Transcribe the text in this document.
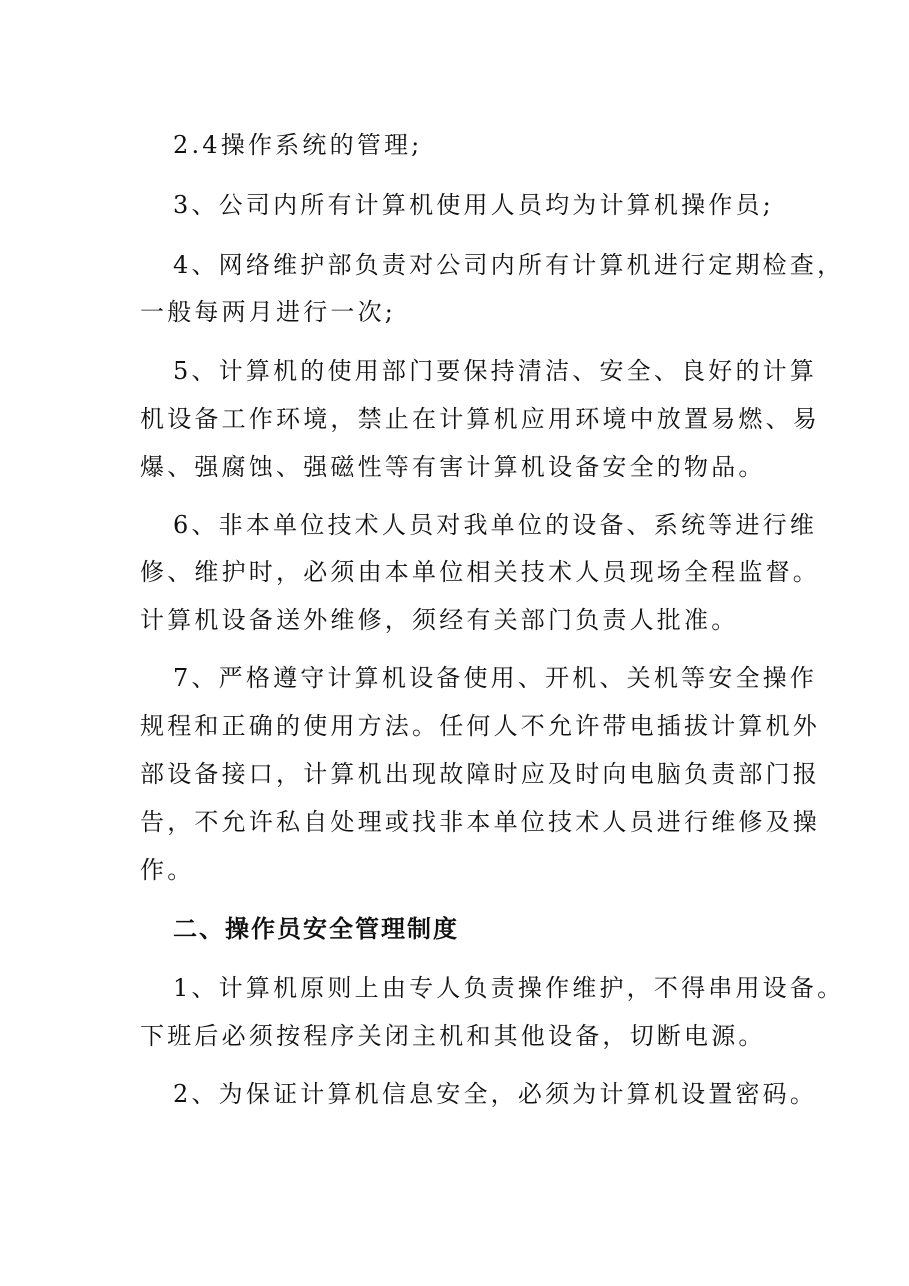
2.4操作系统的管理;
3、公司内所有计算机使用人员均为计算机操作员;
4、网络维护部负责对公司内所有计算机进行定期检查，
一般每两月进行一次;
5、计算机的使用部门要保持清洁、安全、良好的计算
机设备工作环境，禁止在计算机应用环境中放置易燃、易
爆、强腐蚀、强磁性等有害计算机设备安全的物品。
6、非本单位技术人员对我单位的设备、系统等进行维
修、维护时，必须由本单位相关技术人员现场全程监督。
计算机设备送外维修，须经有关部门负责人批准。
7、严格遵守计算机设备使用、开机、关机等安全操作
规程和正确的使用方法。任何人不允许带电插拔计算机外
部设备接口，计算机出现故障时应及时向电脑负责部门报
告，不允许私自处理或找非本单位技术人员进行维修及操
作。
二、操作员安全管理制度
1、计算机原则上由专人负责操作维护，不得串用设备。
下班后必须按程序关闭主机和其他设备，切断电源。
2、为保证计算机信息安全，必须为计算机设置密码。
